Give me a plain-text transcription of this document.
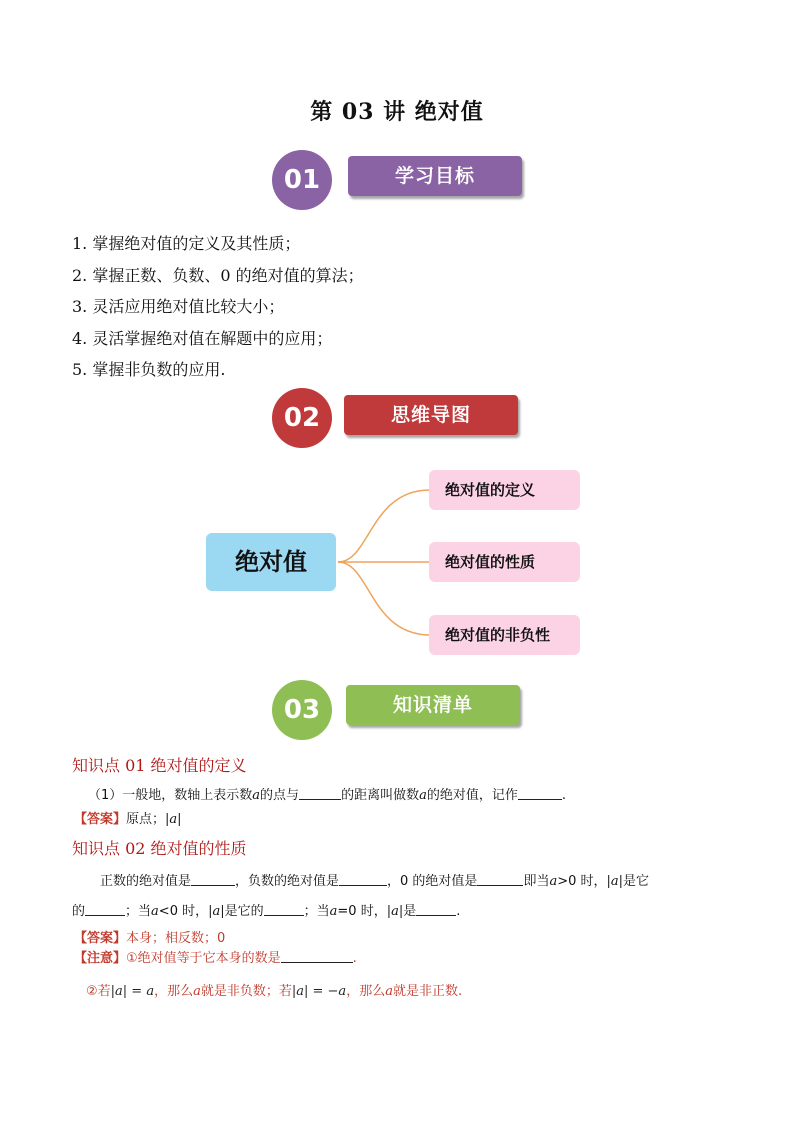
第 03 讲 绝对值
01	学习目标
1. 掌握绝对值的定义及其性质；
2. 掌握正数、负数、0 的绝对值的算法；
3. 灵活应用绝对值比较大小；
4. 灵活掌握绝对值在解题中的应用；
5. 掌握非负数的应用.
02	思维导图
绝对值
绝对值的定义
绝对值的性质
绝对值的非负性
03	知识清单
知识点 01 绝对值的定义
（1）一般地，数轴上表示数a的点与	的距离叫做数a的绝对值，记作	.
【答案】原点；|a|
知识点 02 绝对值的性质
正数的绝对值是	，负数的绝对值是	，0 的绝对值是	即当a>0 时，|a|是它
的	；当a<0 时，|a|是它的	；当a=0 时，|a|是	.
【答案】本身；相反数；0
【注意】①绝对值等于它本身的数是	.
②若|a| = a，那么a就是非负数；若|a| = −a，那么a就是非正数.
